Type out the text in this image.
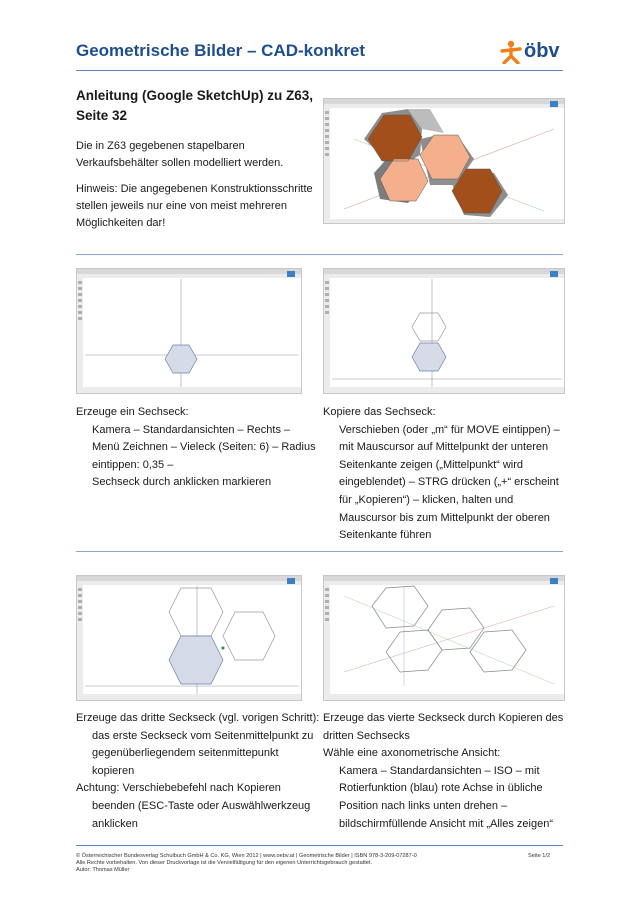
Geometrische Bilder – CAD-konkret	öbv
Anleitung (Google SketchUp) zu Z63, Seite 32
Die in Z63 gegebenen stapelbaren Verkaufsbehälter sollen modelliert werden.
Hinweis: Die angegebenen Konstruktionsschritte stellen jeweils nur eine von meist mehreren Möglichkeiten dar!
Erzeuge ein Sechseck:
Kamera – Standardansichten – Rechts – Menü Zeichnen – Vieleck (Seiten: 6) – Radius eintippen: 0,35 –
Sechseck durch anklicken markieren
Kopiere das Sechseck:
Verschieben (oder „m“ für MOVE eintippen) –mit Mauscursor auf Mittelpunkt der unteren Seitenkante zeigen („Mittelpunkt“ wird eingeblendet) – STRG drücken („+“ erscheint für „Kopieren“) – klicken, halten und Mauscursor bis zum Mittelpunkt der oberen Seitenkante führen
Erzeuge das dritte Seckseck (vgl. vorigen Schritt):
das erste Seckseck vom Seitenmittelpunkt zu gegenüberliegendem seitenmittepunkt kopieren
Achtung: Verschiebebefehl nach Kopieren
beenden (ESC-Taste oder Auswählwerkzeug anklicken
Erzeuge das vierte Seckseck durch Kopieren des dritten Sechsecks
Wähle eine axonometrische Ansicht:
Kamera – Standardansichten – ISO – mit Rotierfunktion (blau) rote Achse in übliche Position nach links unten drehen – bildschirmfüllende Ansicht mit „Alles zeigen“
© Österreichischer Bundesverlag Schulbuch GmbH & Co. KG, Wien 2012 | www.oebv.at | Geometrische Bilder | ISBN 978-3-209-07287-0
Alle Rechte vorbehalten. Von dieser Druckvorlage ist die Vervielfältigung für den eigenen Unterrichtsgebrauch gestattet.
Autor: Thomas Müller
Seite 1/2
